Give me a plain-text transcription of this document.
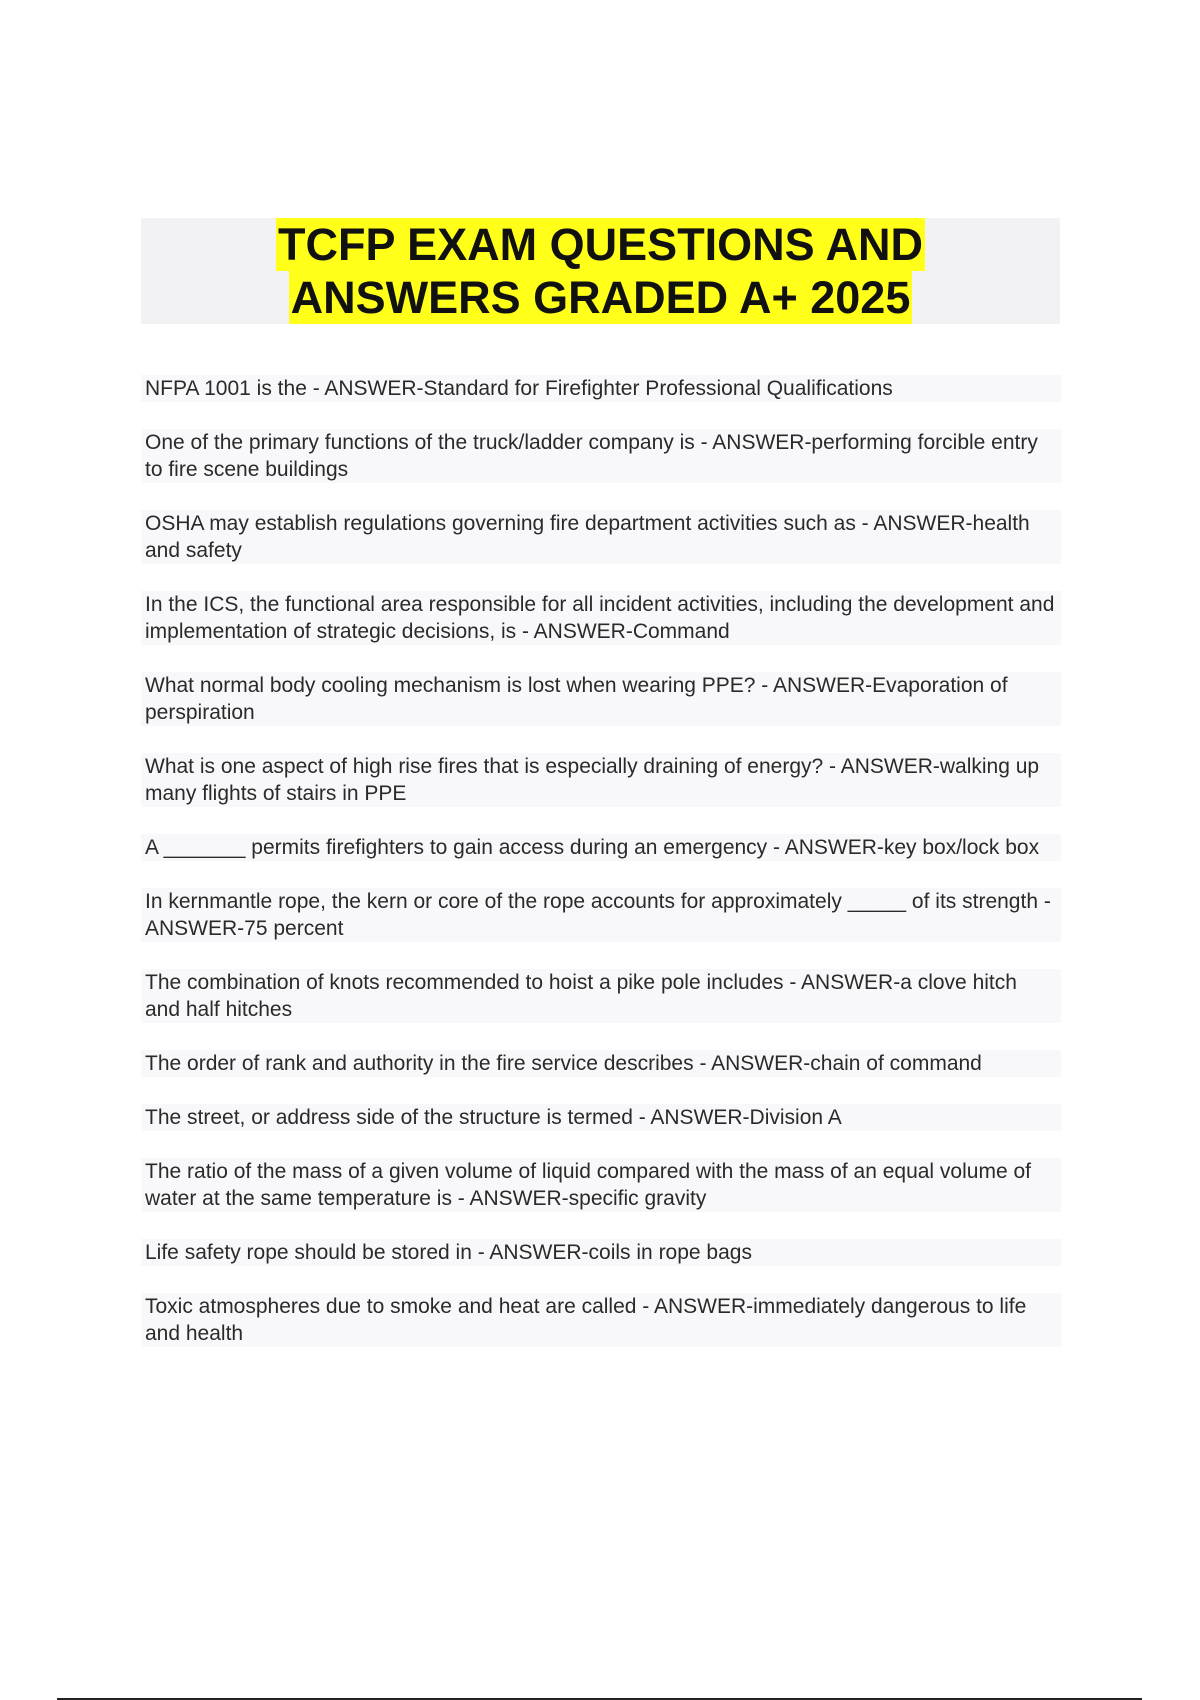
TCFP EXAM QUESTIONS AND
ANSWERS GRADED A+ 2025
NFPA 1001 is the - ANSWER-Standard for Firefighter Professional Qualifications
One of the primary functions of the truck/ladder company is - ANSWER-performing forcible entry to fire scene buildings
OSHA may establish regulations governing fire department activities such as - ANSWER-health and safety
In the ICS, the functional area responsible for all incident activities, including the development and implementation of strategic decisions, is - ANSWER-Command
What normal body cooling mechanism is lost when wearing PPE? - ANSWER-Evaporation of perspiration
What is one aspect of high rise fires that is especially draining of energy? - ANSWER-walking up many flights of stairs in PPE
A _______ permits firefighters to gain access during an emergency - ANSWER-key box/lock box
In kernmantle rope, the kern or core of the rope accounts for approximately _____ of its strength - ANSWER-75 percent
The combination of knots recommended to hoist a pike pole includes - ANSWER-a clove hitch and half hitches
The order of rank and authority in the fire service describes - ANSWER-chain of command
The street, or address side of the structure is termed - ANSWER-Division A
The ratio of the mass of a given volume of liquid compared with the mass of an equal volume of water at the same temperature is - ANSWER-specific gravity
Life safety rope should be stored in - ANSWER-coils in rope bags
Toxic atmospheres due to smoke and heat are called - ANSWER-immediately dangerous to life and health
